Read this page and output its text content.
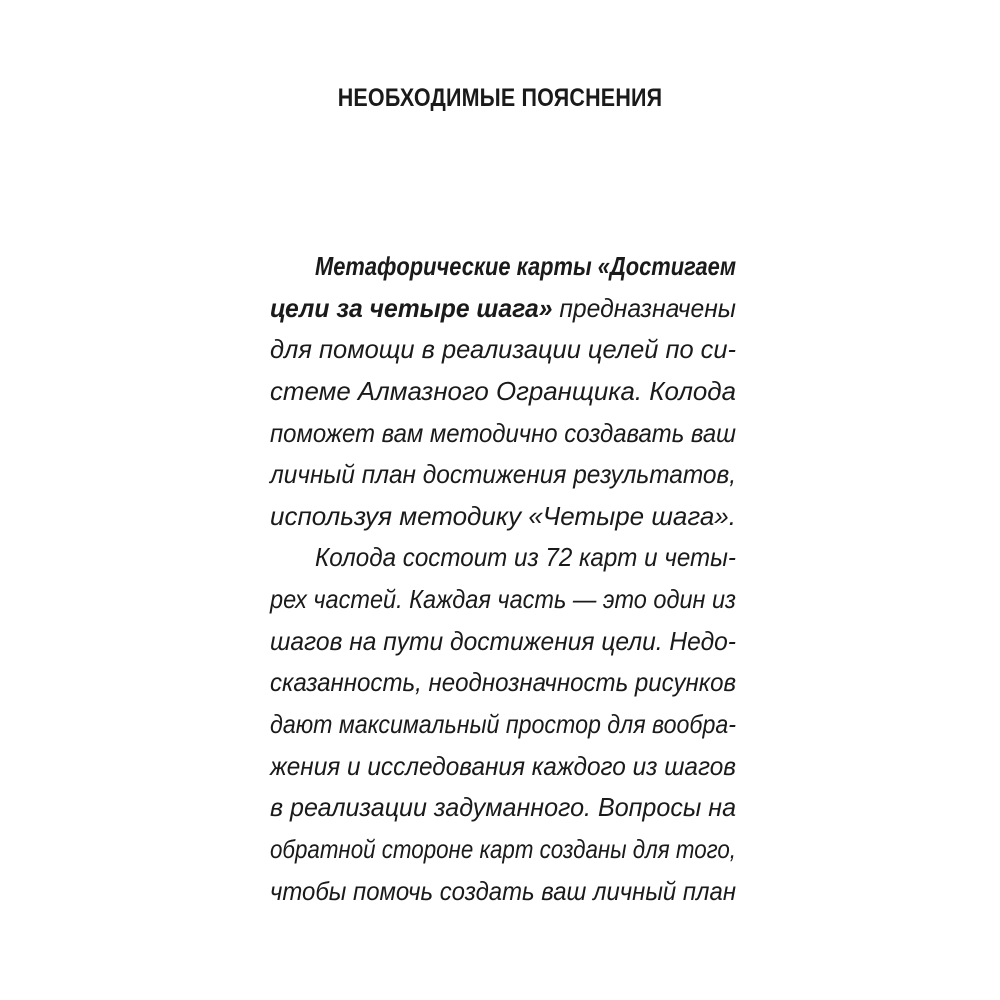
НЕОБХОДИМЫЕ ПОЯСНЕНИЯ
Метафорические карты «Достигаем
цели за четыре шага» предназначены
для помощи в реализации целей по си-
стеме Алмазного Огранщика. Колода
поможет вам методично создавать ваш
личный план достижения результатов,
используя методику «Четыре шага».
Колода состоит из 72 карт и четы-
рех частей. Каждая часть — это один из
шагов на пути достижения цели. Недо-
сказанность, неоднозначность рисунков
дают максимальный простор для вообра-
жения и исследования каждого из шагов
в реализации задуманного. Вопросы на
обратной стороне карт созданы для того,
чтобы помочь создать ваш личный план
